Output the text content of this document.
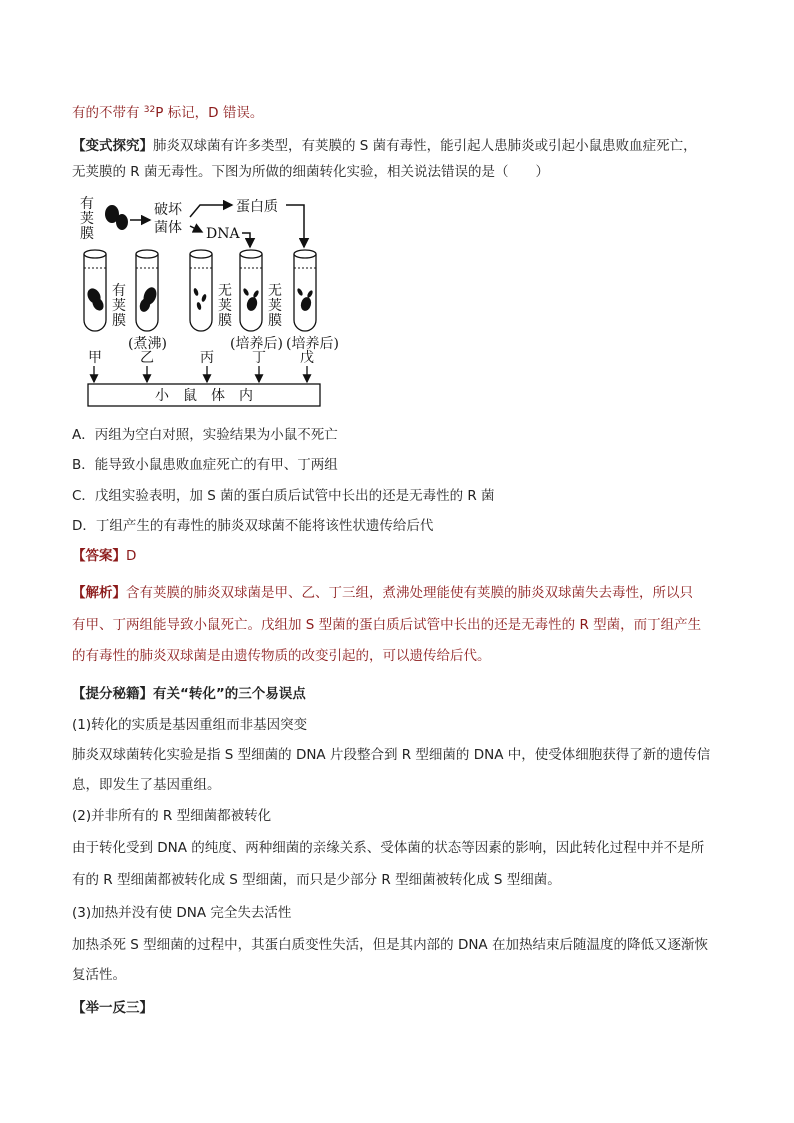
有的不带有 $^{32}$P 标记，D 错误。
【变式探究】肺炎双球菌有许多类型，有荚膜的 S 菌有毒性，能引起人患肺炎或引起小鼠患败血症死亡，
无荚膜的 R 菌无毒性。下图为所做的细菌转化实验，相关说法错误的是（　　）
有
荚
膜
破坏
菌体
蛋白质
DNA
有
荚
膜
无
荚
膜
无
荚
膜
(煮沸)	(培养后) (培养后)
甲	乙	丙	丁 戊
小　鼠　体　内
A．丙组为空白对照，实验结果为小鼠不死亡
B．能导致小鼠患败血症死亡的有甲、丁两组
C．戊组实验表明，加 S 菌的蛋白质后试管中长出的还是无毒性的 R 菌
D．丁组产生的有毒性的肺炎双球菌不能将该性状遗传给后代
【答案】D
【解析】含有荚膜的肺炎双球菌是甲、乙、丁三组，煮沸处理能使有荚膜的肺炎双球菌失去毒性，所以只
有甲、丁两组能导致小鼠死亡。戊组加 S 型菌的蛋白质后试管中长出的还是无毒性的 R 型菌，而丁组产生
的有毒性的肺炎双球菌是由遗传物质的改变引起的，可以遗传给后代。
【提分秘籍】有关“转化”的三个易误点
(1)转化的实质是基因重组而非基因突变
肺炎双球菌转化实验是指 S 型细菌的 DNA 片段整合到 R 型细菌的 DNA 中，使受体细胞获得了新的遗传信
息，即发生了基因重组。
(2)并非所有的 R 型细菌都被转化
由于转化受到 DNA 的纯度、两种细菌的亲缘关系、受体菌的状态等因素的影响，因此转化过程中并不是所
有的 R 型细菌都被转化成 S 型细菌，而只是少部分 R 型细菌被转化成 S 型细菌。
(3)加热并没有使 DNA 完全失去活性
加热杀死 S 型细菌的过程中，其蛋白质变性失活，但是其内部的 DNA 在加热结束后随温度的降低又逐渐恢
复活性。
【举一反三】
